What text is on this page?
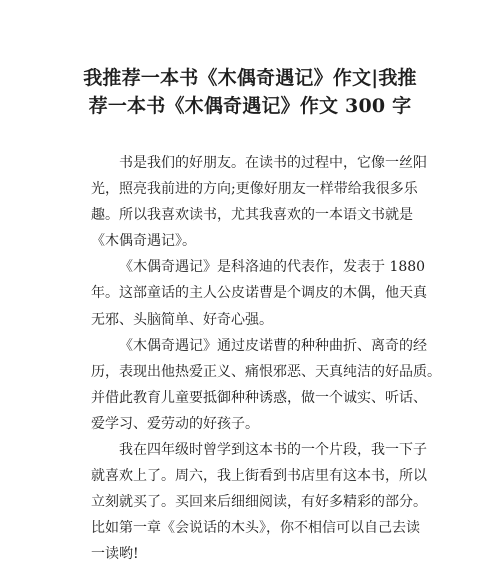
我推荐一本书《木偶奇遇记》作文|我推
荐一本书《木偶奇遇记》作文 300 字
书是我们的好朋友。在读书的过程中，它像一丝阳
光，照亮我前进的方向;更像好朋友一样带给我很多乐
趣。所以我喜欢读书，尤其我喜欢的一本语文书就是
《木偶奇遇记》。
《木偶奇遇记》是科洛迪的代表作，发表于 1880
年。这部童话的主人公皮诺曹是个调皮的木偶，他天真
无邪、头脑简单、好奇心强。
《木偶奇遇记》通过皮诺曹的种种曲折、离奇的经
历，表现出他热爱正义、痛恨邪恶、天真纯洁的好品质。
并借此教育儿童要抵御种种诱惑，做一个诚实、听话、
爱学习、爱劳动的好孩子。
我在四年级时曾学到这本书的一个片段，我一下子
就喜欢上了。周六，我上街看到书店里有这本书，所以
立刻就买了。买回来后细细阅读，有好多精彩的部分。
比如第一章《会说话的木头》，你不相信可以自己去读
一读哟!
